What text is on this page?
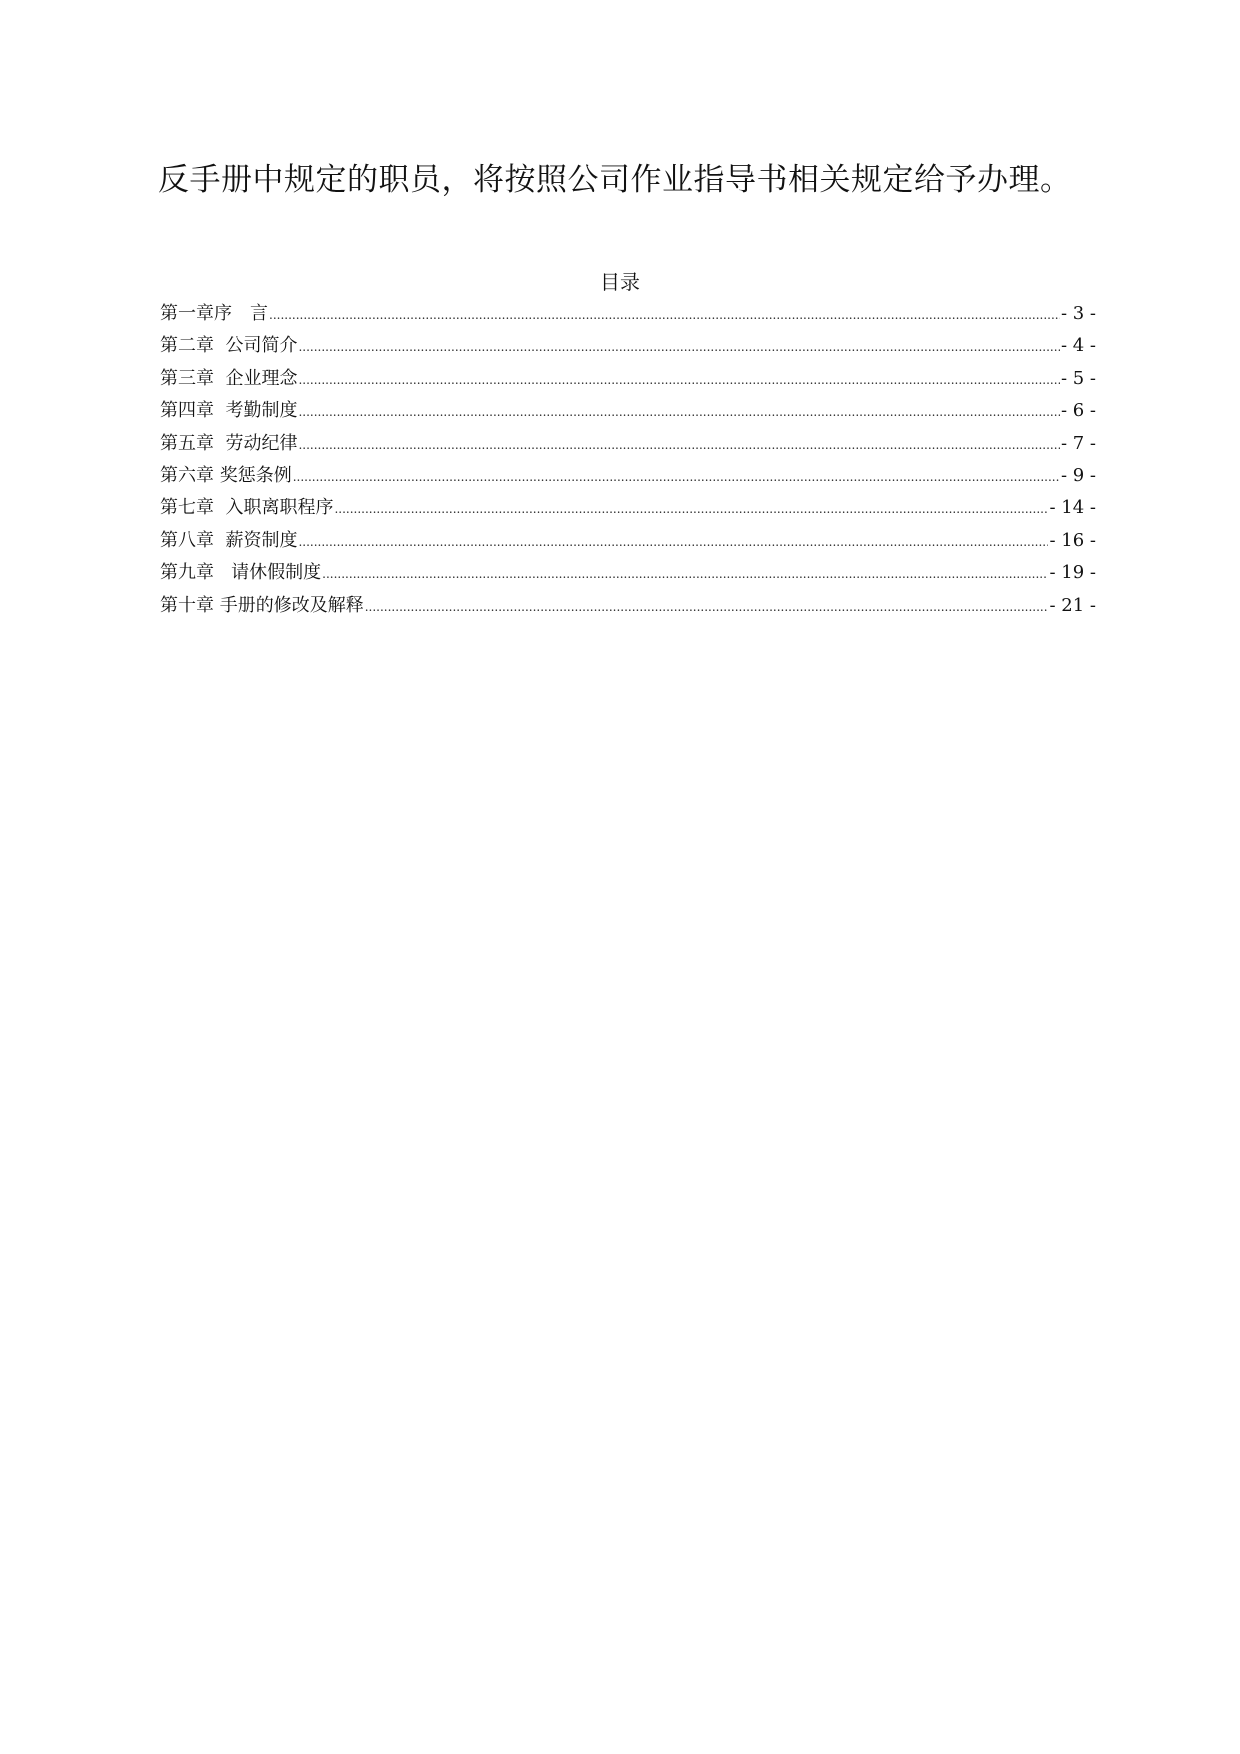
反手册中规定的职员，将按照公司作业指导书相关规定给予办理。

目录
第一章序　言 .....	- 3 -
第二章  公司简介 .....	- 4 -
第三章  企业理念 .....	- 5 -
第四章  考勤制度 .....	- 6 -
第五章  劳动纪律 .....	- 7 -
第六章 奖惩条例 .....	- 9 -
第七章  入职离职程序 .....	- 14 -
第八章  薪资制度 .....	- 16 -
第九章   请休假制度 .....	- 19 -
第十章 手册的修改及解释 .....	- 21 -
